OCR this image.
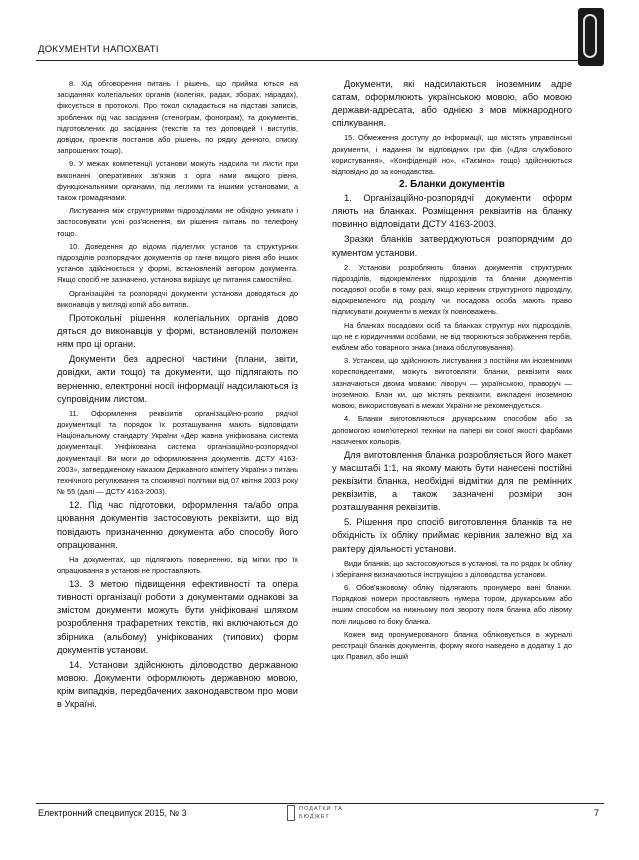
ДОКУМЕНТИ НАПОХВАТІ

8. Хід обговорення питань і рішень, що прийма ються на засіданнях колегіальних органів (колегіях, радах, зборах, нарадах), фіксується в протоколі. Про токол складається на підставі записів, зроблених під час засідання (стенограм, фонограм), та документів, підготовлених до засідання (текстів та тез доповідей і виступів, довідок, проектів постанов або рішень, по рядку денного, списку запрошених тощо).

9. У межах компетенції установи можуть надсила ти листи при виконанні оперативних зв'язків з орга нами вищого рівня, функціональними органами, під леглими та іншими установами, а також громадянами.

Листування між структурними підрозділами не обхідно уникати і застосовувати усні роз'яснення, ви рішення питань по телефону тощо.

10. Доведення до відома підлеглих установ та структурних підрозділів розпорядчих документів ор ганів вищого рівня або інших установ здійснюється у формі, встановленій автором документа. Якщо спосіб не зазначено, установа вирішує це питання самостійно.

Організаційні та розпорядчі документи установи доводяться до виконавців у вигляді копій або витягів.

Протокольні рішення колегіальних органів дово дяться до виконавців у формі, встановленій положен ням про ці органи.

Документи без адресної частини (плани, звіти, довідки, акти тощо) та документи, що підлягають по верненню, електронні носії інформації надсилаються із супровідним листом.

11. Оформлення реквізитів організаційно-розпо рядчої документації та порядок їх розташування мають відповідати Національному стандарту України «Дер жавна уніфікована система документації. Уніфікована система організаційно-розпорядчої документації. Ви моги до оформлювання документів. ДСТУ 4163-2003», затвердженому наказом Державного комітету України з питань технічного регулювання та споживчої політики від 07 квітня 2003 року № 55 (далі — ДСТУ 4163-2003).

12. Під час підготовки, оформлення та/або опра цювання документів застосовують реквізити, що від повідають призначенню документа або способу його опрацювання.

На документах, що підлягають поверненню, від мітки про їх опрацювання в установі не проставляють.

13. З метою підвищення ефективності та опера тивності організації роботи з документами однакові за змістом документи можуть бути уніфіковані шляхом розроблення трафаретних текстів, які включаються до збірника (альбому) уніфікованих (типових) форм документів установи.

14. Установи здійснюють діловодство державною мовою. Документи оформлюють державною мовою, крім випадків, передбачених законодавством про мови в Україні.

Документи, які надсилаються іноземним адре сатам, оформлюють українською мовою, або мовою держави-адресата, або однією з мов міжнародного спілкування.

15. Обмеження доступу до інформації, що містять управлінські документи, і надання їм відповідних гри фів («Для службового користування», «Конфіденцій но», «Таємно» тощо) здійснюються відповідно до за конодавства.

2. Бланки документів

1. Організаційно-розпорядчі документи оформ ляють на бланках. Розміщення реквізитів на бланку повинно відповідати ДСТУ 4163-2003.

Зразки бланків затверджуються розпорядчим до кументом установи.

2. Установи розробляють бланки документів структурних підрозділів, відокремлених підрозділів та бланки документів посадової особи в тому разі, якщо керівник структурного підрозділу, відокремленого під розділу чи посадова особа мають право підписувати документи в межах їх повноважень.

На бланках посадових осіб та бланках структур них підрозділів, що не є юридичними особами, не від творюються зображення гербів, емблем або товарного знака (знака обслуговування).

3. Установи, що здійснюють листування з постійни ми іноземними кореспондентами, можуть виготовляти бланки, реквізити яких зазначаються двома мовами: ліворуч — українською, праворуч — іноземною. Блан ки, що містять реквізити, викладені іноземною мовою, використовуваті в межах України не рекомендується.

4. Бланки виготовляються друкарським способом або за допомогою комп'ютерної техніки на папері ви сокої якості фарбами насичених кольорів.

Для виготовлення бланка розробляється його макет у масштабі 1:1, на якому мають бути нанесені постійні реквізити бланка, необхідні відмітки для пе ремінних реквізитів, а також зазначені розміри зон розташування реквізитів.

5. Рішення про спосіб виготовлення бланків та не обхідність їх обліку приймає керівник залежно від ха рактеру діяльності установи.

Види бланків, що застосовуються в установі, та по рядок їх обліку і зберігання визначаються інструкцією з діловодства установи.

6. Обов'язковому обліку підлягають пронумеро вані бланки. Порядкові номери проставляють нумера тором, друкарським або іншим способом на нижньому полі звороту поля бланка або лівому полі лицьово го боку бланка.

Кожен вид пронумерованого бланка обліковується в журналі реєстрації бланків документів, форму якого наведено в додатку 1 до цих Правил, або іншій

Електронний спецвипуск 2015, № 3	ПОДАТКИ ТА
БЮДЖЕТ	7
